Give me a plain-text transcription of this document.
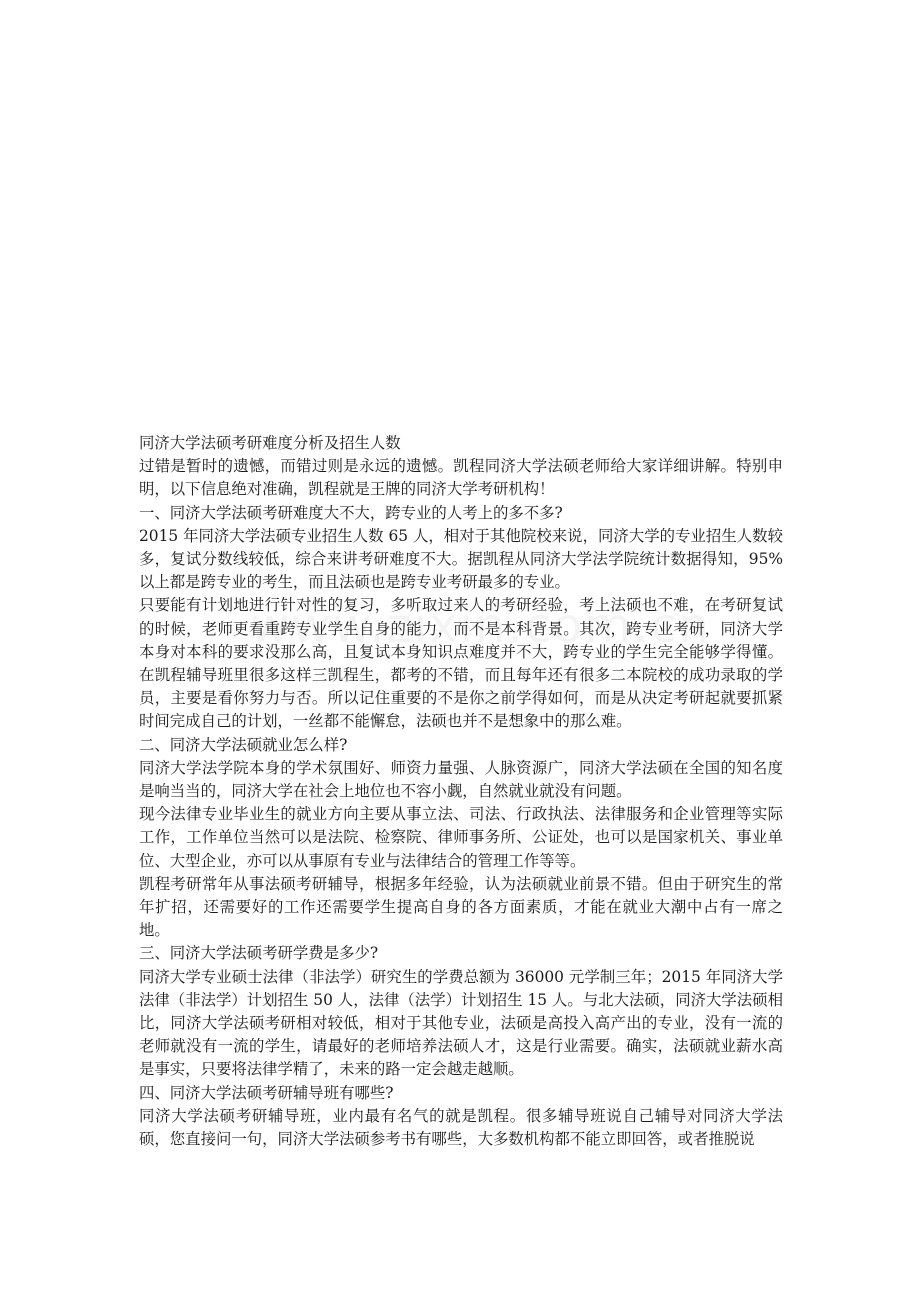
同济大学法硕考研难度分析及招生人数

过错是暂时的遗憾，而错过则是永远的遗憾。凯程同济大学法硕老师给大家详细讲解。特别申明，以下信息绝对准确，凯程就是王牌的同济大学考研机构！

一、同济大学法硕考研难度大不大，跨专业的人考上的多不多?

2015 年同济大学法硕专业招生人数 65 人，相对于其他院校来说，同济大学的专业招生人数较多，复试分数线较低，综合来讲考研难度不大。据凯程从同济大学法学院统计数据得知，95%以上都是跨专业的考生，而且法硕也是跨专业考研最多的专业。

只要能有计划地进行针对性的复习，多听取过来人的考研经验，考上法硕也不难，在考研复试的时候，老师更看重跨专业学生自身的能力，而不是本科背景。其次，跨专业考研，同济大学本身对本科的要求没那么高，且复试本身知识点难度并不大，跨专业的学生完全能够学得懂。在凯程辅导班里很多这样三凯程生，都考的不错，而且每年还有很多二本院校的成功录取的学员，主要是看你努力与否。所以记住重要的不是你之前学得如何，而是从决定考研起就要抓紧时间完成自己的计划，一丝都不能懈怠，法硕也并不是想象中的那么难。

二、同济大学法硕就业怎么样?

同济大学法学院本身的学术氛围好、师资力量强、人脉资源广，同济大学法硕在全国的知名度是响当当的，同济大学在社会上地位也不容小觑，自然就业就没有问题。

现今法律专业毕业生的就业方向主要从事立法、司法、行政执法、法律服务和企业管理等实际工作，工作单位当然可以是法院、检察院、律师事务所、公证处，也可以是国家机关、事业单位、大型企业，亦可以从事原有专业与法律结合的管理工作等等。

凯程考研常年从事法硕考研辅导，根据多年经验，认为法硕就业前景不错。但由于研究生的常年扩招，还需要好的工作还需要学生提高自身的各方面素质，才能在就业大潮中占有一席之地。

三、同济大学法硕考研学费是多少?

同济大学专业硕士法律（非法学）研究生的学费总额为 36000 元学制三年；2015 年同济大学法律（非法学）计划招生 50 人，法律（法学）计划招生 15 人。与北大法硕，同济大学法硕相比，同济大学法硕考研相对较低，相对于其他专业，法硕是高投入高产出的专业，没有一流的老师就没有一流的学生，请最好的老师培养法硕人才，这是行业需要。确实，法硕就业薪水高是事实，只要将法律学精了，未来的路一定会越走越顺。

四、同济大学法硕考研辅导班有哪些?

同济大学法硕考研辅导班，业内最有名气的就是凯程。很多辅导班说自己辅导对同济大学法硕，您直接问一句，同济大学法硕参考书有哪些，大多数机构都不能立即回答，或者推脱说
